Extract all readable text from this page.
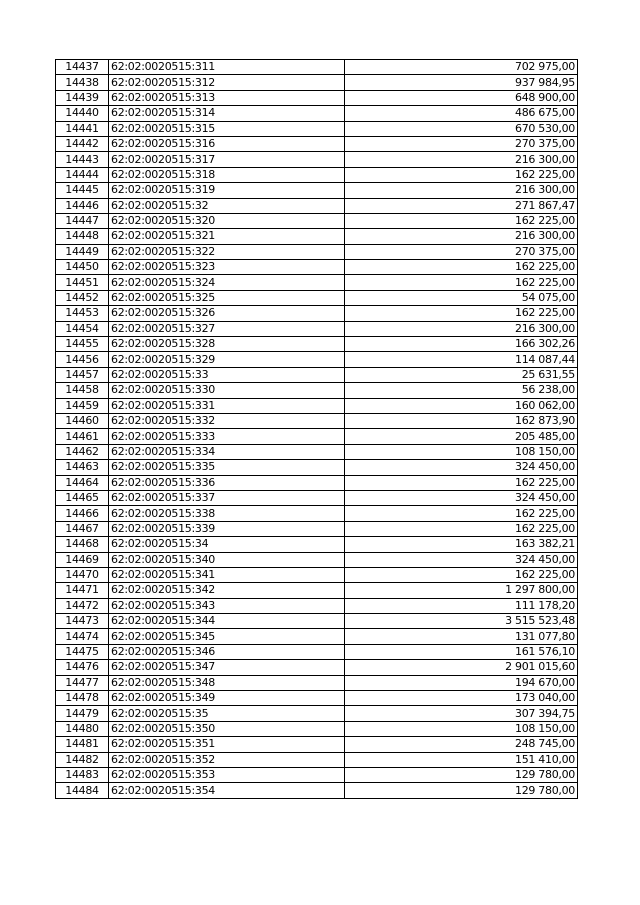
14437	62:02:0020515:311	702 975,00
14438	62:02:0020515:312	937 984,95
14439	62:02:0020515:313	648 900,00
14440	62:02:0020515:314	486 675,00
14441	62:02:0020515:315	670 530,00
14442	62:02:0020515:316	270 375,00
14443	62:02:0020515:317	216 300,00
14444	62:02:0020515:318	162 225,00
14445	62:02:0020515:319	216 300,00
14446	62:02:0020515:32	271 867,47
14447	62:02:0020515:320	162 225,00
14448	62:02:0020515:321	216 300,00
14449	62:02:0020515:322	270 375,00
14450	62:02:0020515:323	162 225,00
14451	62:02:0020515:324	162 225,00
14452	62:02:0020515:325	54 075,00
14453	62:02:0020515:326	162 225,00
14454	62:02:0020515:327	216 300,00
14455	62:02:0020515:328	166 302,26
14456	62:02:0020515:329	114 087,44
14457	62:02:0020515:33	25 631,55
14458	62:02:0020515:330	56 238,00
14459	62:02:0020515:331	160 062,00
14460	62:02:0020515:332	162 873,90
14461	62:02:0020515:333	205 485,00
14462	62:02:0020515:334	108 150,00
14463	62:02:0020515:335	324 450,00
14464	62:02:0020515:336	162 225,00
14465	62:02:0020515:337	324 450,00
14466	62:02:0020515:338	162 225,00
14467	62:02:0020515:339	162 225,00
14468	62:02:0020515:34	163 382,21
14469	62:02:0020515:340	324 450,00
14470	62:02:0020515:341	162 225,00
14471	62:02:0020515:342	1 297 800,00
14472	62:02:0020515:343	111 178,20
14473	62:02:0020515:344	3 515 523,48
14474	62:02:0020515:345	131 077,80
14475	62:02:0020515:346	161 576,10
14476	62:02:0020515:347	2 901 015,60
14477	62:02:0020515:348	194 670,00
14478	62:02:0020515:349	173 040,00
14479	62:02:0020515:35	307 394,75
14480	62:02:0020515:350	108 150,00
14481	62:02:0020515:351	248 745,00
14482	62:02:0020515:352	151 410,00
14483	62:02:0020515:353	129 780,00
14484	62:02:0020515:354	129 780,00
